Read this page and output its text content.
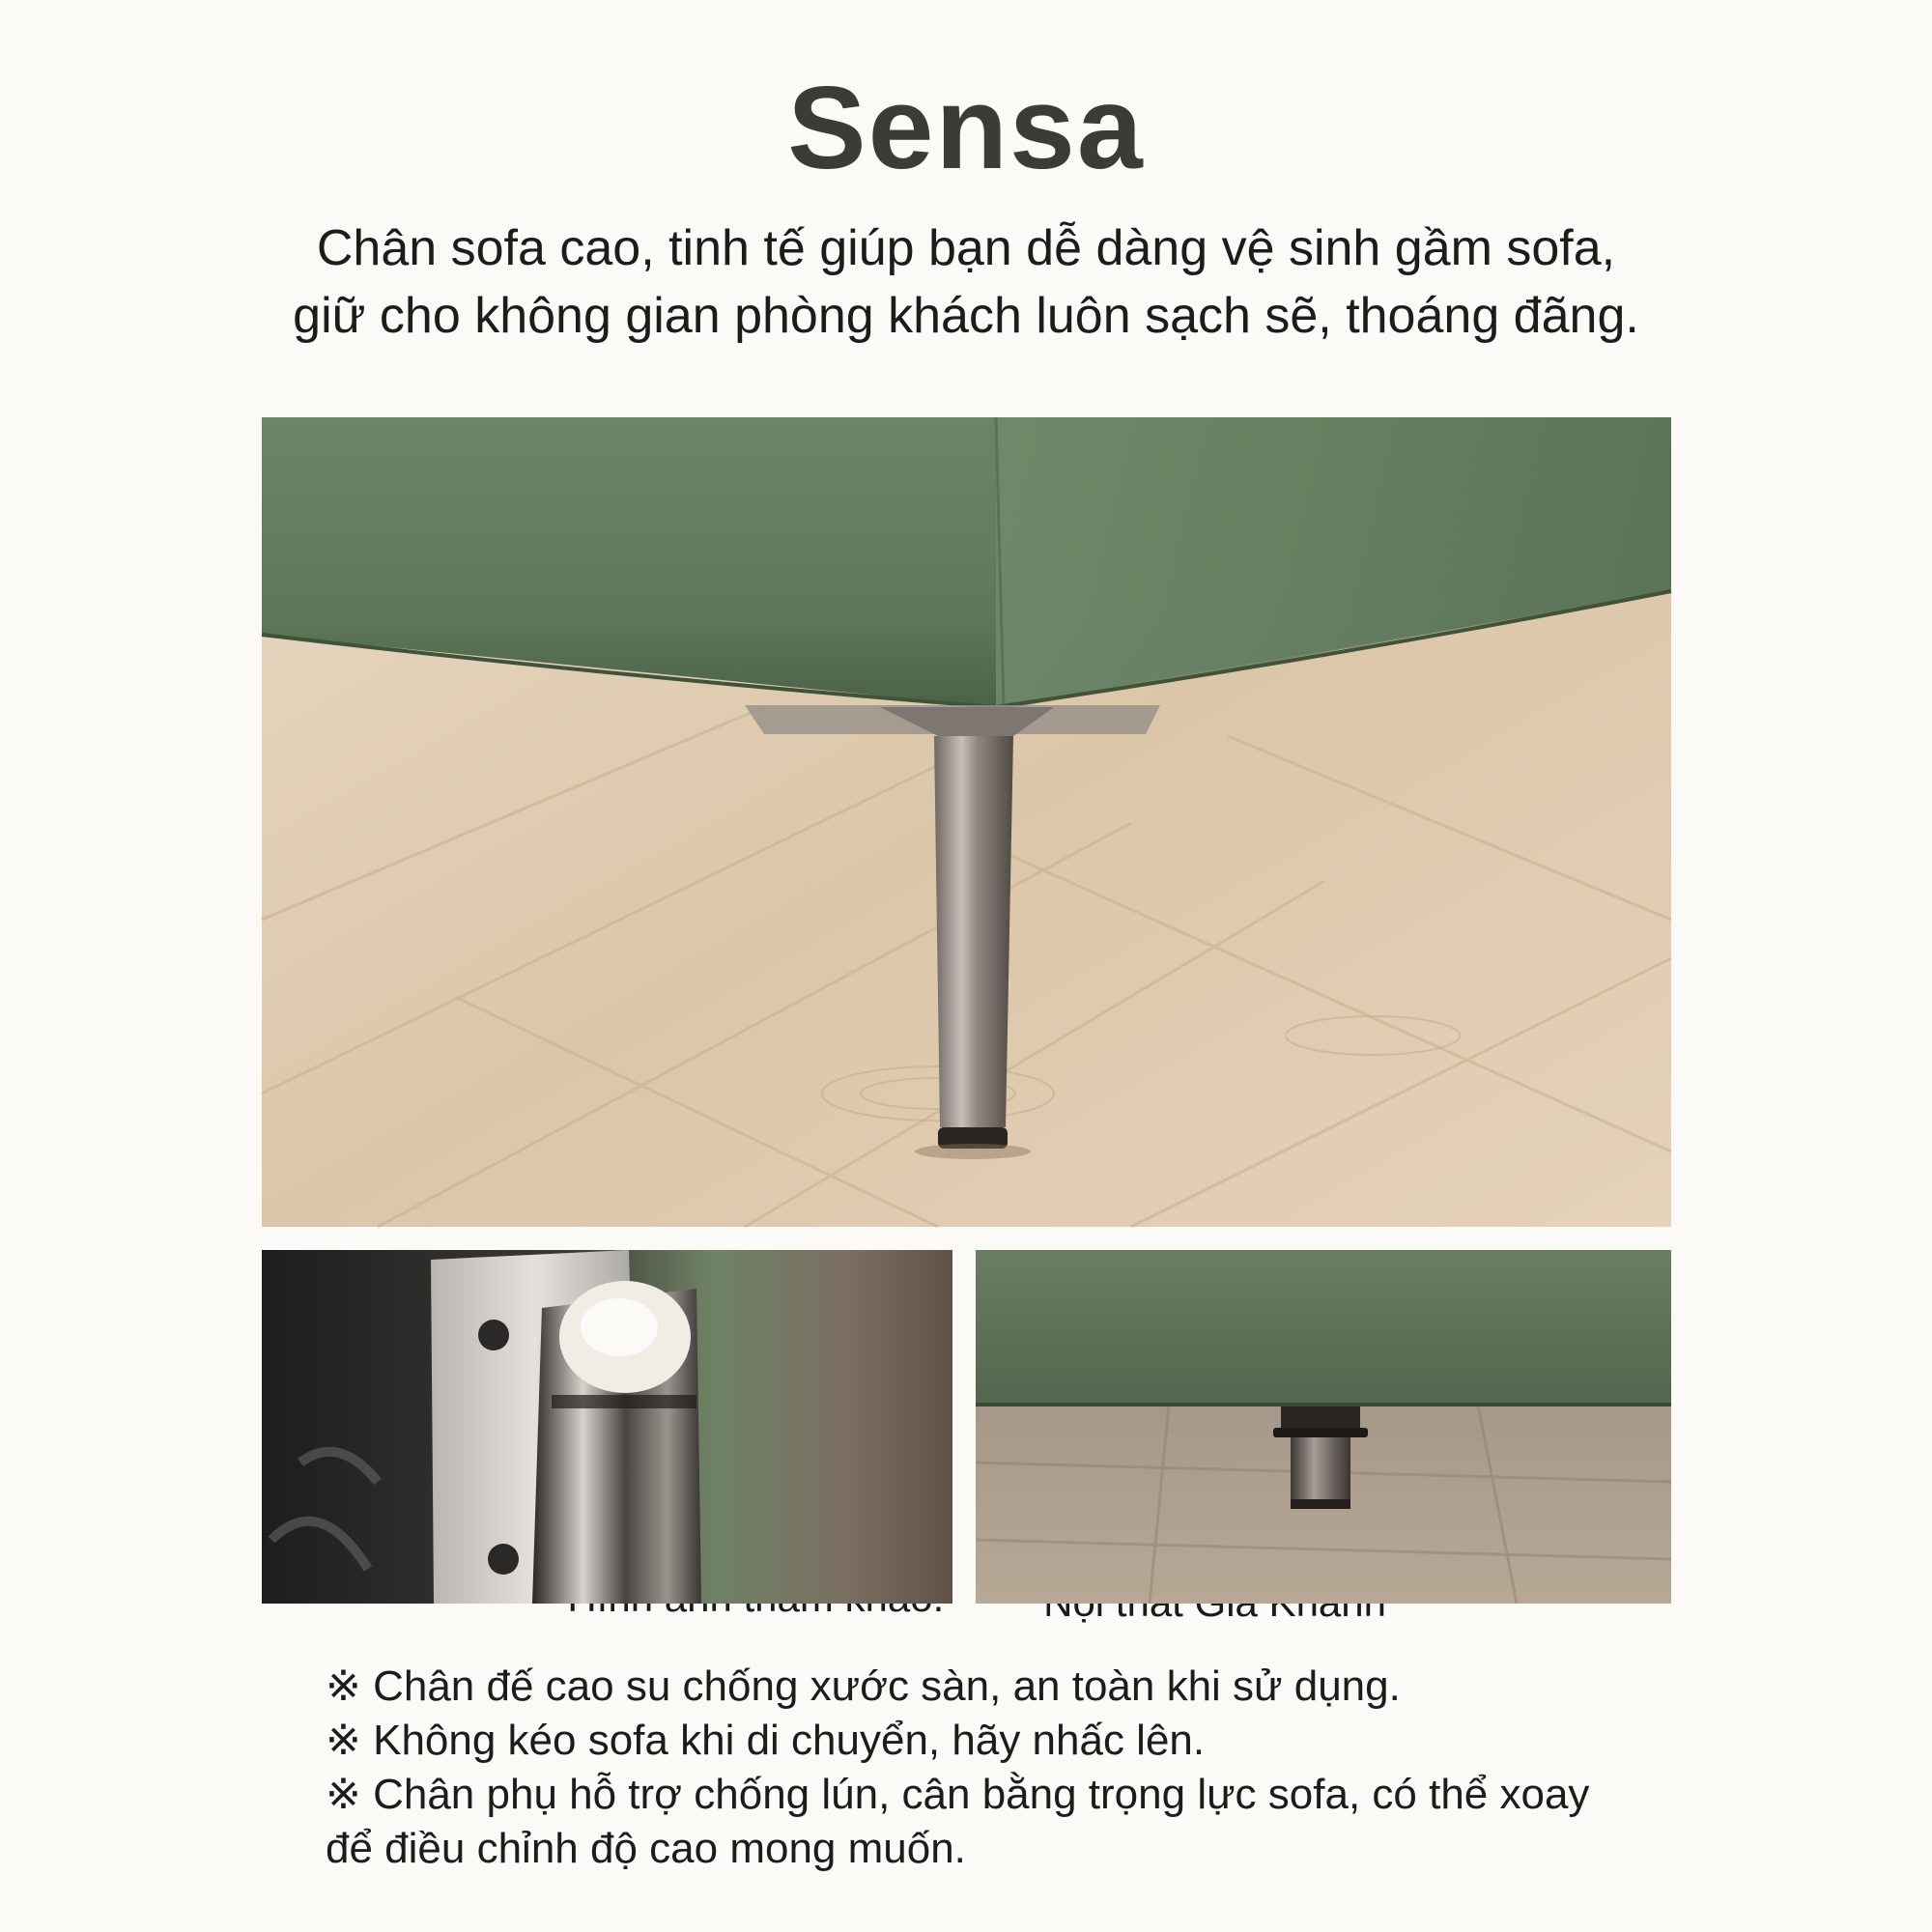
Sensa
Chân sofa cao, tinh tế giúp bạn dễ dàng vệ sinh gầm sofa,
giữ cho không gian phòng khách luôn sạch sẽ, thoáng đãng.
※ Chân đế cao su chống xước sàn, an toàn khi sử dụng.
※ Không kéo sofa khi di chuyển, hãy nhấc lên.
※ Chân phụ hỗ trợ chống lún, cân bằng trọng lực sofa, có thể xoay
để điều chỉnh độ cao mong muốn.
